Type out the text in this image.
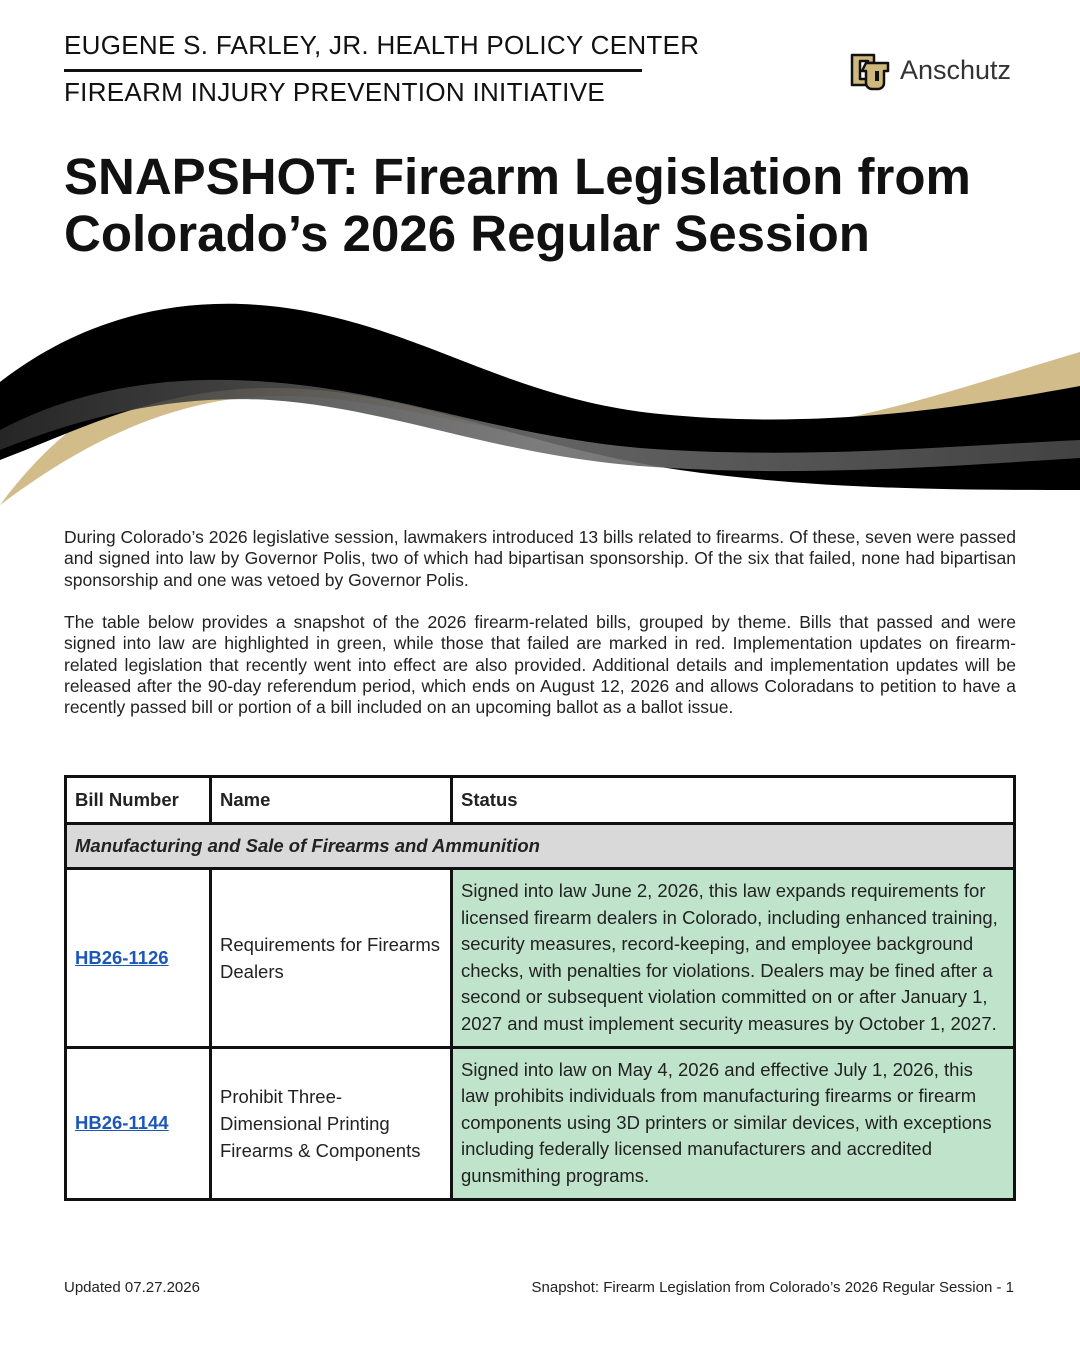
EUGENE S. FARLEY, JR. HEALTH POLICY CENTER
FIREARM INJURY PREVENTION INITIATIVE
Anschutz
SNAPSHOT: Firearm Legislation from
Colorado’s 2026 Regular Session

During Colorado’s 2026 legislative session, lawmakers introduced 13 bills related to firearms. Of these, seven were passed and signed into law by Governor Polis, two of which had bipartisan sponsorship. Of the six that failed, none had bipartisan sponsorship and one was vetoed by Governor Polis.

The table below provides a snapshot of the 2026 firearm-related bills, grouped by theme. Bills that passed and were signed into law are highlighted in green, while those that failed are marked in red. Implementation updates on firearm-related legislation that recently went into effect are also provided. Additional details and implementation updates will be released after the 90-day referendum period, which ends on August 12, 2026 and allows Coloradans to petition to have a recently passed bill or portion of a bill included on an upcoming ballot as a ballot issue.

Bill Number	Name	Status
Manufacturing and Sale of Firearms and Ammunition		
HB26-1126	Requirements for Firearms Dealers	Signed into law June 2, 2026, this law expands requirements for licensed firearm dealers in Colorado, including enhanced training, security measures, record-keeping, and employee background checks, with penalties for violations. Dealers may be fined after a second or subsequent violation committed on or after January 1, 2027 and must implement security measures by October 1, 2027.
HB26-1144	Prohibit Three-Dimensional Printing Firearms & Components	Signed into law on May 4, 2026 and effective July 1, 2026, this law prohibits individuals from manufacturing firearms or firearm components using 3D printers or similar devices, with exceptions including federally licensed manufacturers and accredited gunsmithing programs.
Updated 07.27.2026	Snapshot: Firearm Legislation from Colorado’s 2026 Regular Session - 1
